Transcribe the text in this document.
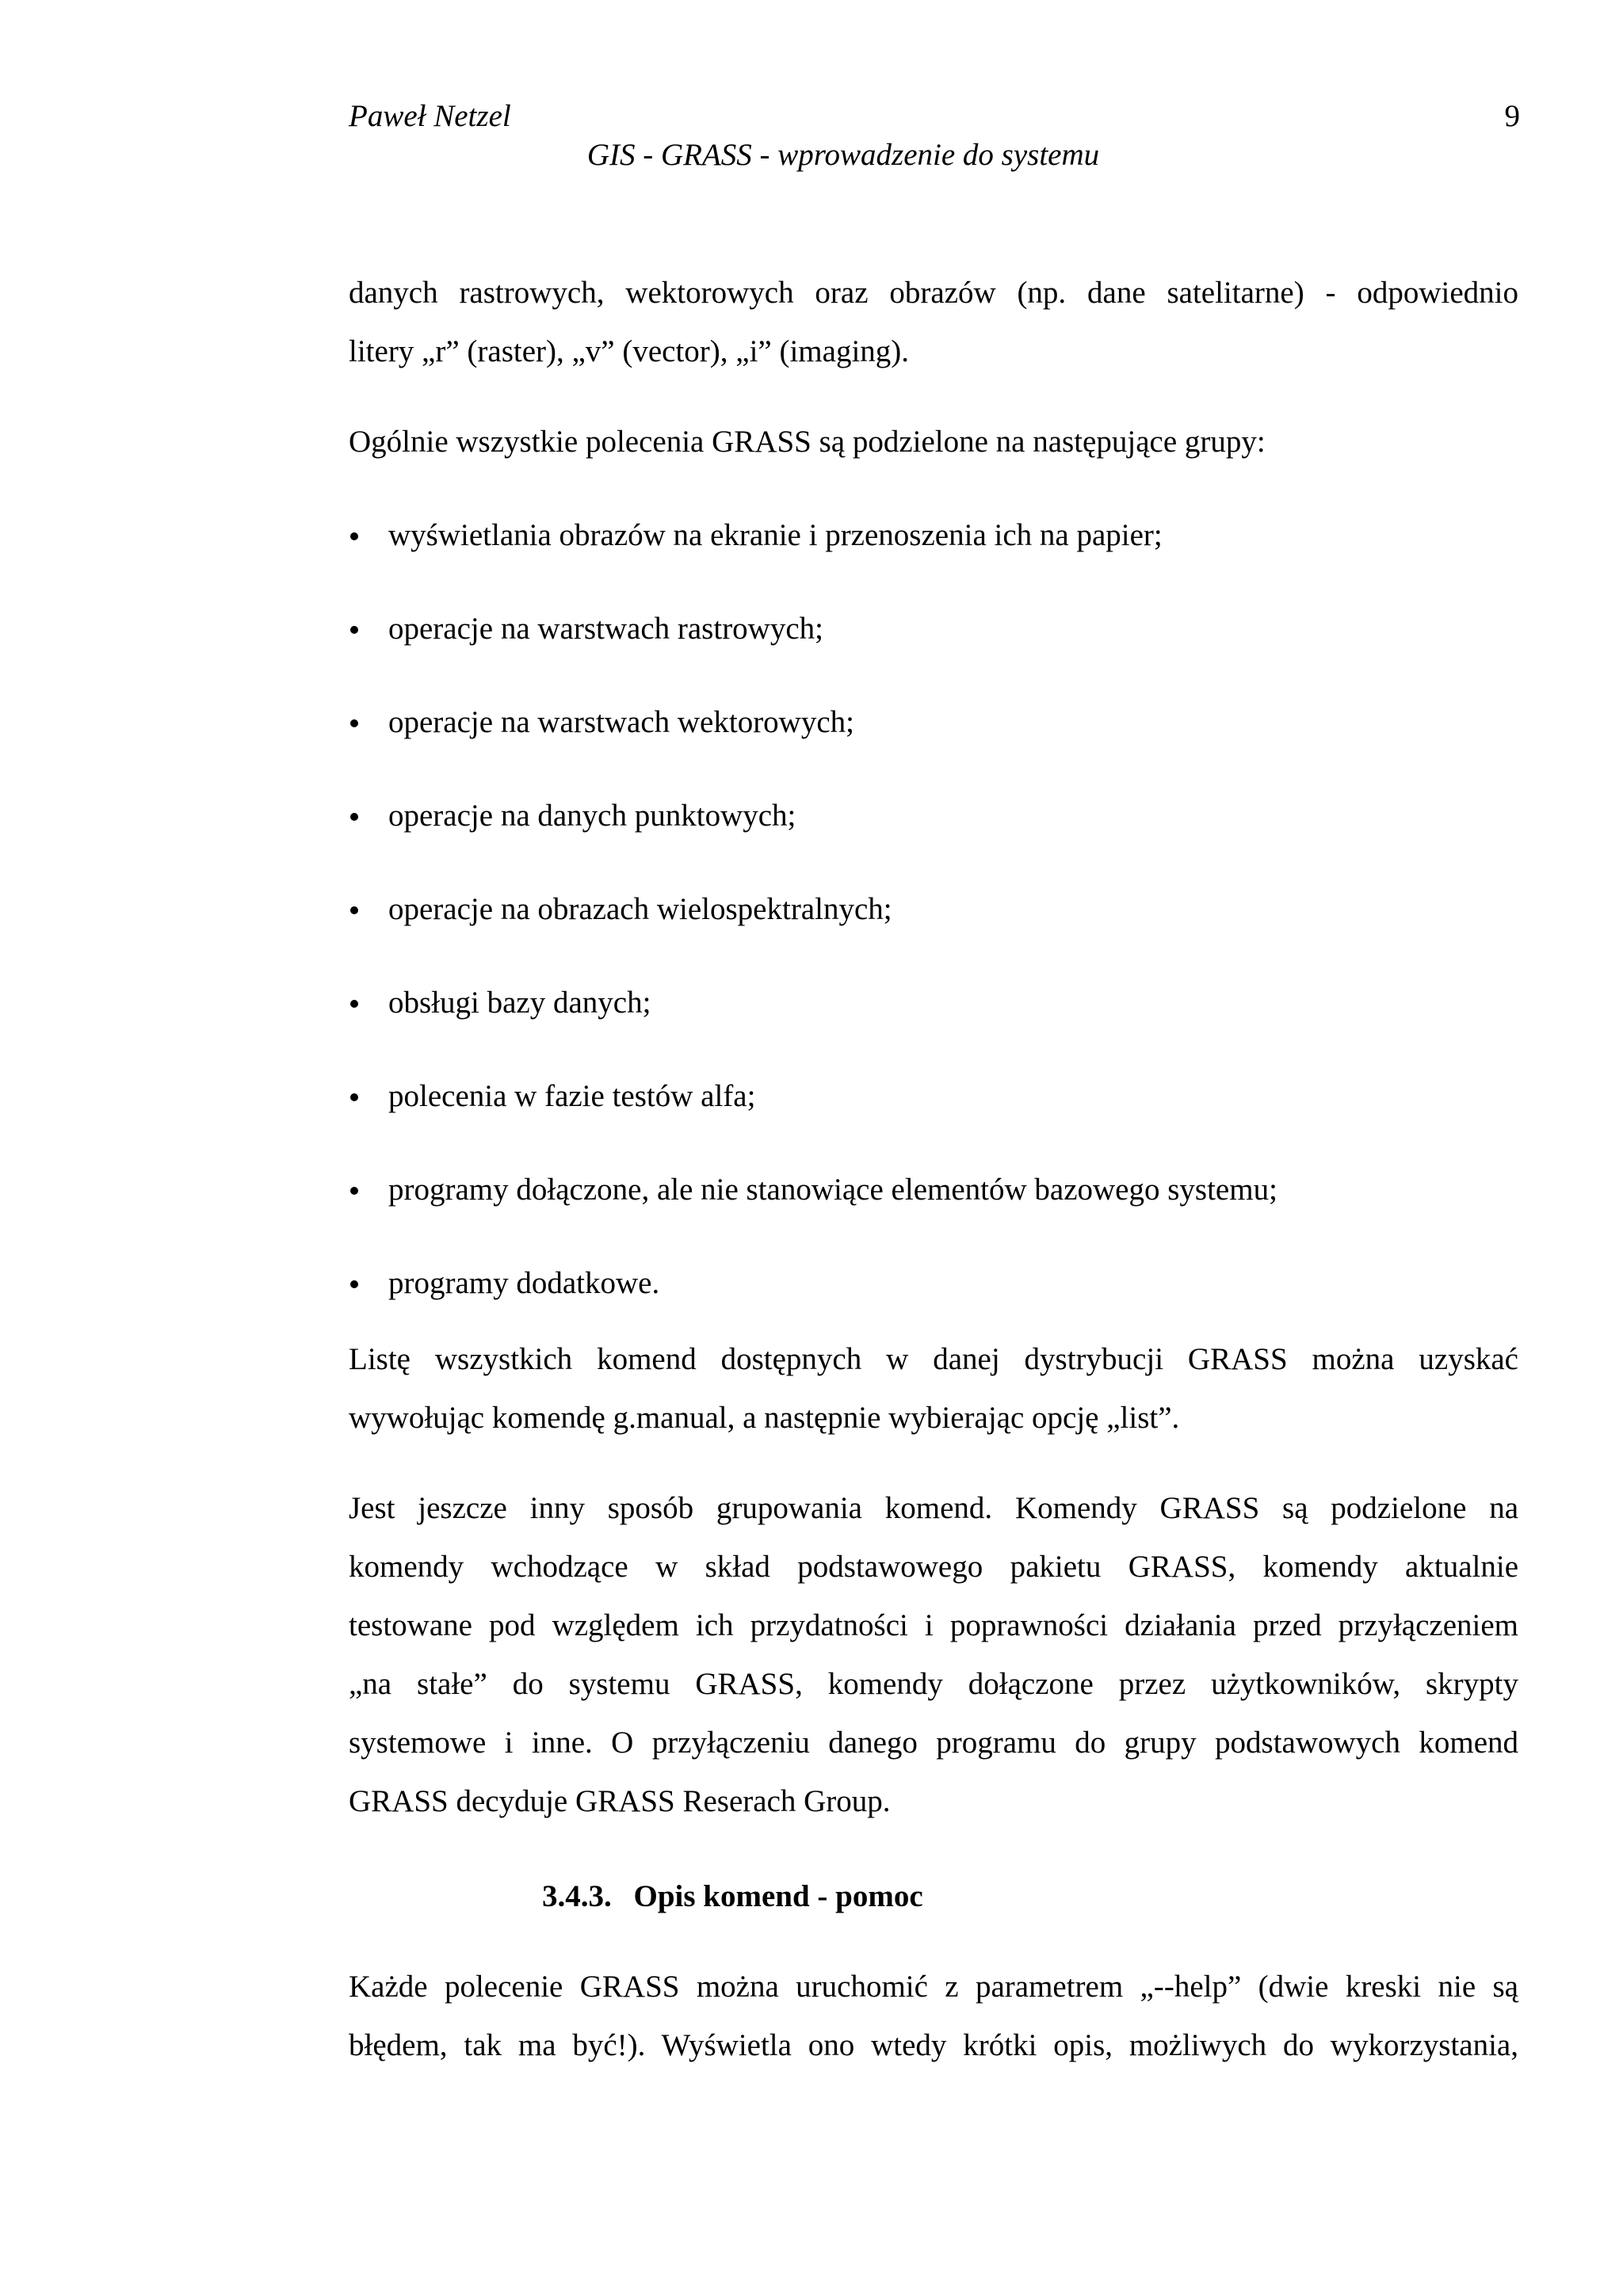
Paweł Netzel	9
GIS - GRASS - wprowadzenie do systemu

danych rastrowych, wektorowych oraz obrazów (np. dane satelitarne) - odpowiednio
litery „r” (raster), „v” (vector), „i” (imaging).

Ogólnie wszystkie polecenia GRASS są podzielone na następujące grupy:

wyświetlania obrazów na ekranie i przenoszenia ich na papier;
operacje na warstwach rastrowych;
operacje na warstwach wektorowych;
operacje na danych punktowych;
operacje na obrazach wielospektralnych;
obsługi bazy danych;
polecenia w fazie testów alfa;
programy dołączone, ale nie stanowiące elementów bazowego systemu;
programy dodatkowe.

Listę wszystkich komend dostępnych w danej dystrybucji GRASS można uzyskać
wywołując komendę g.manual, a następnie wybierając opcję „list”.

Jest jeszcze inny sposób grupowania komend. Komendy GRASS są podzielone na
komendy wchodzące w skład podstawowego pakietu GRASS, komendy aktualnie
testowane pod względem ich przydatności i poprawności działania przed przyłączeniem
„na stałe” do systemu GRASS, komendy dołączone przez użytkowników, skrypty
systemowe i inne. O przyłączeniu danego programu do grupy podstawowych komend
GRASS decyduje GRASS Reserach Group.

3.4.3. Opis komend - pomoc

Każde polecenie GRASS można uruchomić z parametrem „--help” (dwie kreski nie są
błędem, tak ma być!). Wyświetla ono wtedy krótki opis, możliwych do wykorzystania,
